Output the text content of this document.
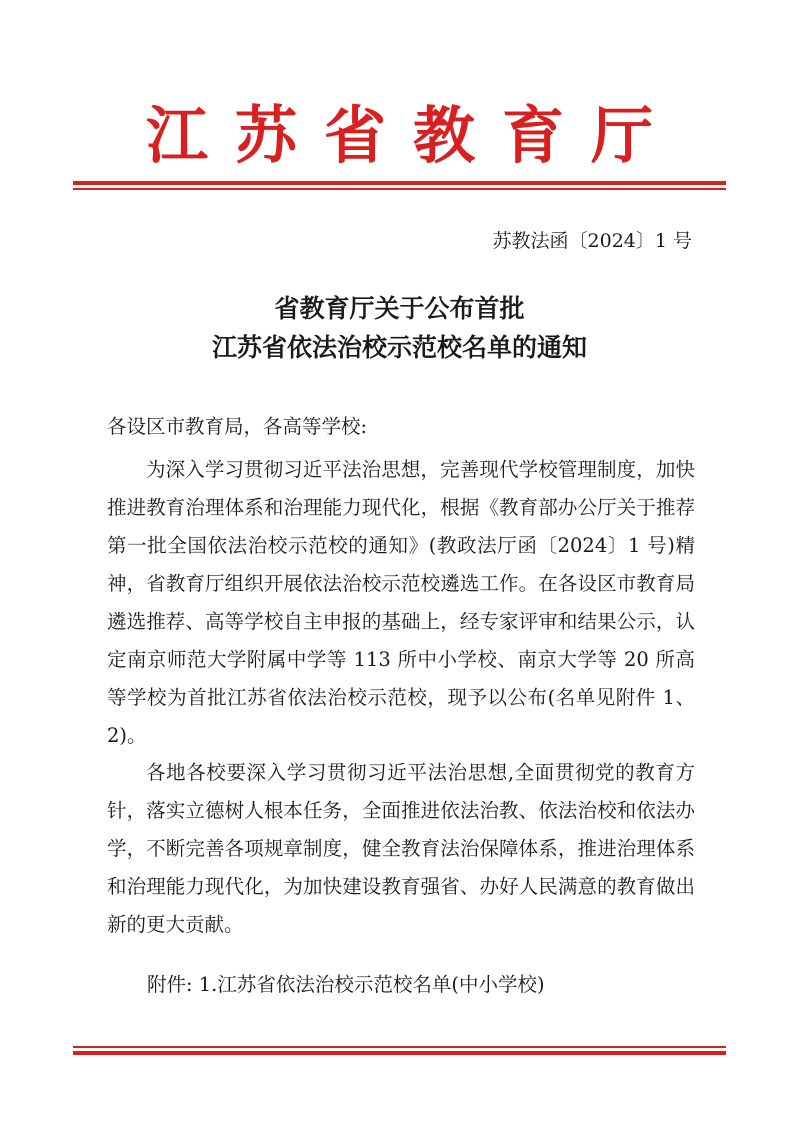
江苏省教育厅
苏教法函〔2024〕1 号
省教育厅关于公布首批
江苏省依法治校示范校名单的通知

各设区市教育局，各高等学校:

为深入学习贯彻习近平法治思想，完善现代学校管理制度，加快推进教育治理体系和治理能力现代化，根据《教育部办公厅关于推荐第一批全国依法治校示范校的通知》(教政法厅函〔2024〕1 号)精神，省教育厅组织开展依法治校示范校遴选工作。在各设区市教育局遴选推荐、高等学校自主申报的基础上，经专家评审和结果公示，认定南京师范大学附属中学等 113 所中小学校、南京大学等 20 所高等学校为首批江苏省依法治校示范校，现予以公布(名单见附件 1、2)。

各地各校要深入学习贯彻习近平法治思想,全面贯彻党的教育方针，落实立德树人根本任务，全面推进依法治教、依法治校和依法办学，不断完善各项规章制度，健全教育法治保障体系，推进治理体系和治理能力现代化，为加快建设教育强省、办好人民满意的教育做出新的更大贡献。

附件: 1.江苏省依法治校示范校名单(中小学校)
